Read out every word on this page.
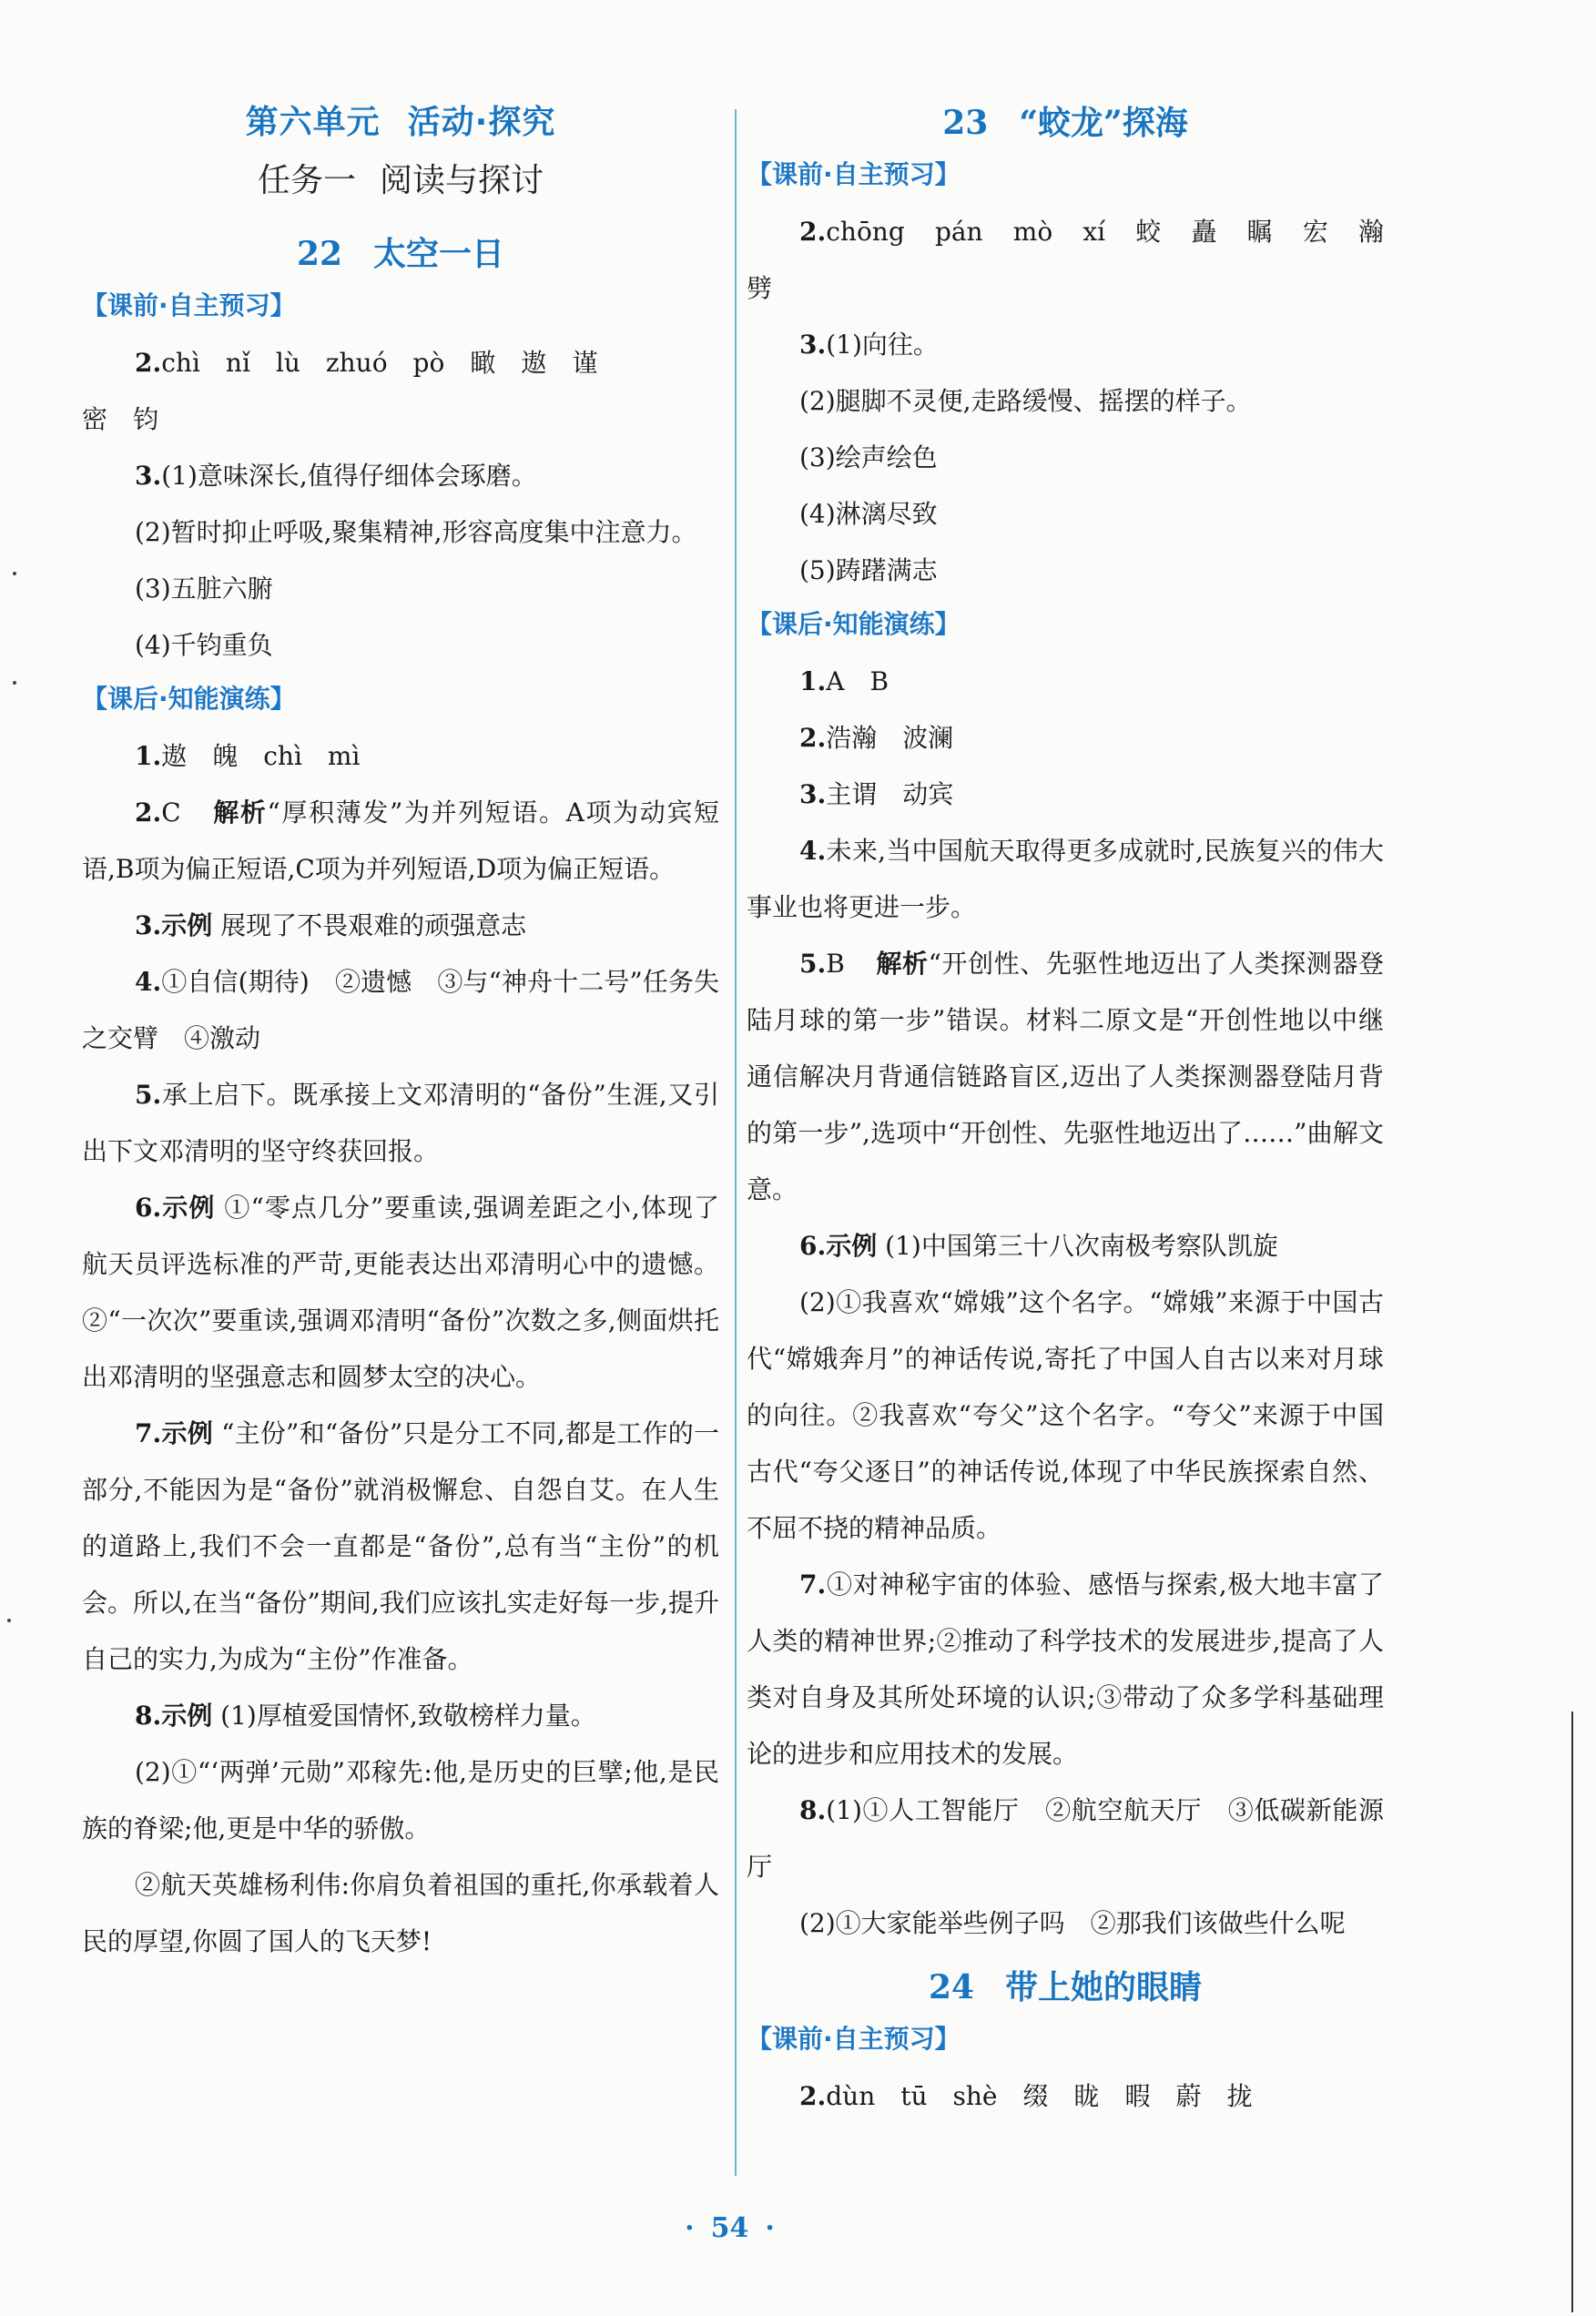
第六单元 活动·探究
任务一 阅读与探讨
22 太空一日
【课前·自主预习】

2.chì　nǐ　lù　zhuó　pò　瞰　遨　谨

密　钧

3.(1)意味深长,值得仔细体会琢磨。

(2)暂时抑止呼吸,聚集精神,形容高度集中注意力。

(3)五脏六腑

(4)千钧重负

【课后·知能演练】

1.遨　魄　chì　mì

2.C 解析“厚积薄发”为并列短语。A项为动宾短语,B项为偏正短语,C项为并列短语,D项为偏正短语。

3.示例 展现了不畏艰难的顽强意志

4.①自信(期待)　②遗憾　③与“神舟十二号”任务失之交臂　④激动

5.承上启下。既承接上文邓清明的“备份”生涯,又引出下文邓清明的坚守终获回报。

6.示例 ①“零点几分”要重读,强调差距之小,体现了航天员评选标准的严苛,更能表达出邓清明心中的遗憾。②“一次次”要重读,强调邓清明“备份”次数之多,侧面烘托出邓清明的坚强意志和圆梦太空的决心。

7.示例 “主份”和“备份”只是分工不同,都是工作的一部分,不能因为是“备份”就消极懈怠、自怨自艾。在人生的道路上,我们不会一直都是“备份”,总有当“主份”的机会。所以,在当“备份”期间,我们应该扎实走好每一步,提升自己的实力,为成为“主份”作准备。

8.示例 (1)厚植爱国情怀,致敬榜样力量。

(2)①“‘两弹’元勋”邓稼先:他,是历史的巨擘;他,是民族的脊梁;他,更是中华的骄傲。

②航天英雄杨利伟:你肩负着祖国的重托,你承载着人民的厚望,你圆了国人的飞天梦!

23 “蛟龙”探海
【课前·自主预习】

2.chōng　pán　mò　xí　蛟　矗　瞩　宏　瀚　劈

3.(1)向往。

(2)腿脚不灵便,走路缓慢、摇摆的样子。

(3)绘声绘色

(4)淋漓尽致

(5)踌躇满志

【课后·知能演练】

1.A　B

2.浩瀚　波澜

3.主谓　动宾

4.未来,当中国航天取得更多成就时,民族复兴的伟大事业也将更进一步。

5.B 解析“开创性、先驱性地迈出了人类探测器登陆月球的第一步”错误。材料二原文是“开创性地以中继通信解决月背通信链路盲区,迈出了人类探测器登陆月背的第一步”,选项中“开创性、先驱性地迈出了……”曲解文意。

6.示例 (1)中国第三十八次南极考察队凯旋

(2)①我喜欢“嫦娥”这个名字。“嫦娥”来源于中国古代“嫦娥奔月”的神话传说,寄托了中国人自古以来对月球的向往。②我喜欢“夸父”这个名字。“夸父”来源于中国古代“夸父逐日”的神话传说,体现了中华民族探索自然、不屈不挠的精神品质。

7.①对神秘宇宙的体验、感悟与探索,极大地丰富了人类的精神世界;②推动了科学技术的发展进步,提高了人类对自身及其所处环境的认识;③带动了众多学科基础理论的进步和应用技术的发展。

8.(1)①人工智能厅　②航空航天厅　③低碳新能源厅

(2)①大家能举些例子吗　②那我们该做些什么呢

24 带上她的眼睛
【课前·自主预习】

2.dùn　tū　shè　缀　眬　暇　蔚　拢

· 54 ·
